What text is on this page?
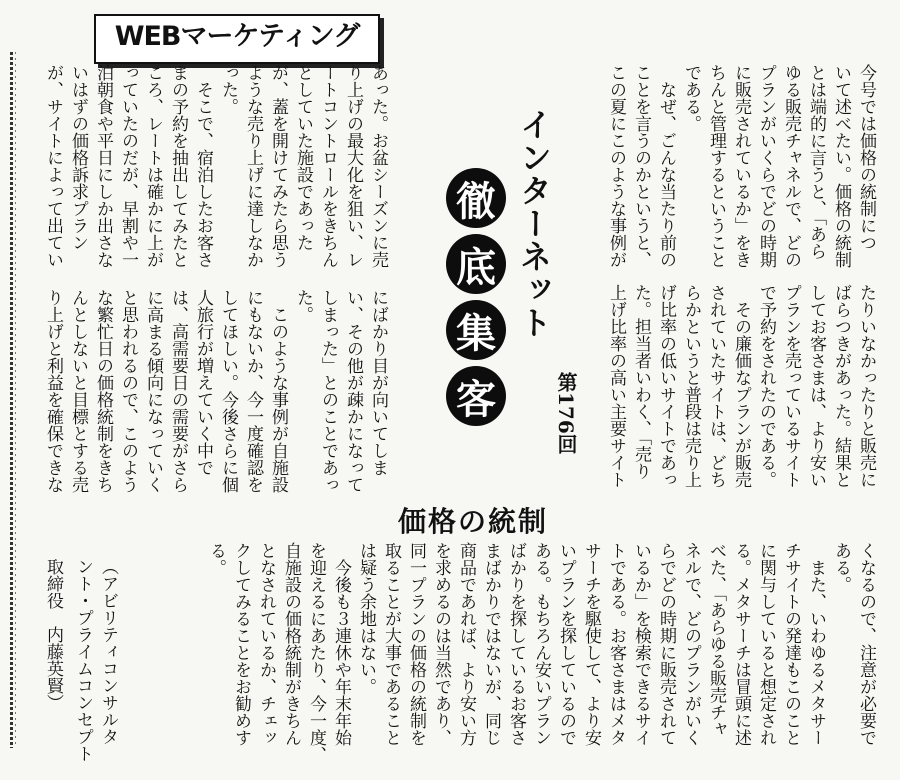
WEBマーケティング
今号では価格の統制につ
いて述べたい。価格の統制
とは端的に言うと、「あら
ゆる販売チャネルで、どの
プランがいくらでどの時期
に販売されているか」をき
ちんと管理するということ
である。
　なぜ、ごんな当たり前の
ことを言うのかというと、
この夏にこのような事例が
たりいなかったりと販売に
ばらつきがあった。結果と
してお客さまは、より安い
プランを売っているサイト
で予約をされたのである。
　その廉価なプランが販売
されていたサイトは、どち
らかというと普段は売り上
げ比率の低いサイトであっ
た。担当者いわく、「売り
上げ比率の高い主要サイト
くなるので、注意が必要で
ある。
　また、いわゆるメタサー
チサイトの発達もこのこと
に関与していると想定され
る。メタサーチは冒頭に述
べた、「あらゆる販売チャ
ネルで、どのプランがいく
らでどの時期に販売されて
いるか」を検索できるサイ
トである。お客さまはメタ
サーチを駆使して、より安
いプランを探しているので
ある。もちろん安いプラン
ばかりを探しているお客さ
まばかりではないが、同じ
商品であれば、より安い方
を求めるのは当然であり、
同一プランの価格の統制を
取ることが大事であること
は疑う余地はない。
　今後も３連休や年末年始
を迎えるにあたり、今一度、
自施設の価格統制がきちん
となされているか、チェッ
クしてみることをお勧めす
る。
あった。お盆シーズンに売
り上げの最大化を狙い、レ
ートコントロールをきちん
としていた施設であった
が、蓋を開けてみたら思う
ような売り上げに達しなか
った。
　そこで、宿泊したお客さ
まの予約を抽出してみたと
ころ、レートは確かに上が
っていたのだが、早割や一
泊朝食や平日にしか出さな
いはずの価格訴求プラン
が、サイトによって出てい
にばかり目が向いてしま
い、その他が疎かになって
しまった」とのことであっ
た。
　このような事例が自施設
にもないか、今一度確認を
してほしい。今後さらに個
人旅行が増えていく中で
は、高需要日の需要がさら
に高まる傾向になっていく
と思われるので、このよう
な繁忙日の価格統制をきち
んとしないと目標とする売
り上げと利益を確保できな
インターネット
徹
底
集
客	第176回
価格の統制
（アビリティコンサルタ
ント・プライムコンセプト
取締役　内藤英賢）
